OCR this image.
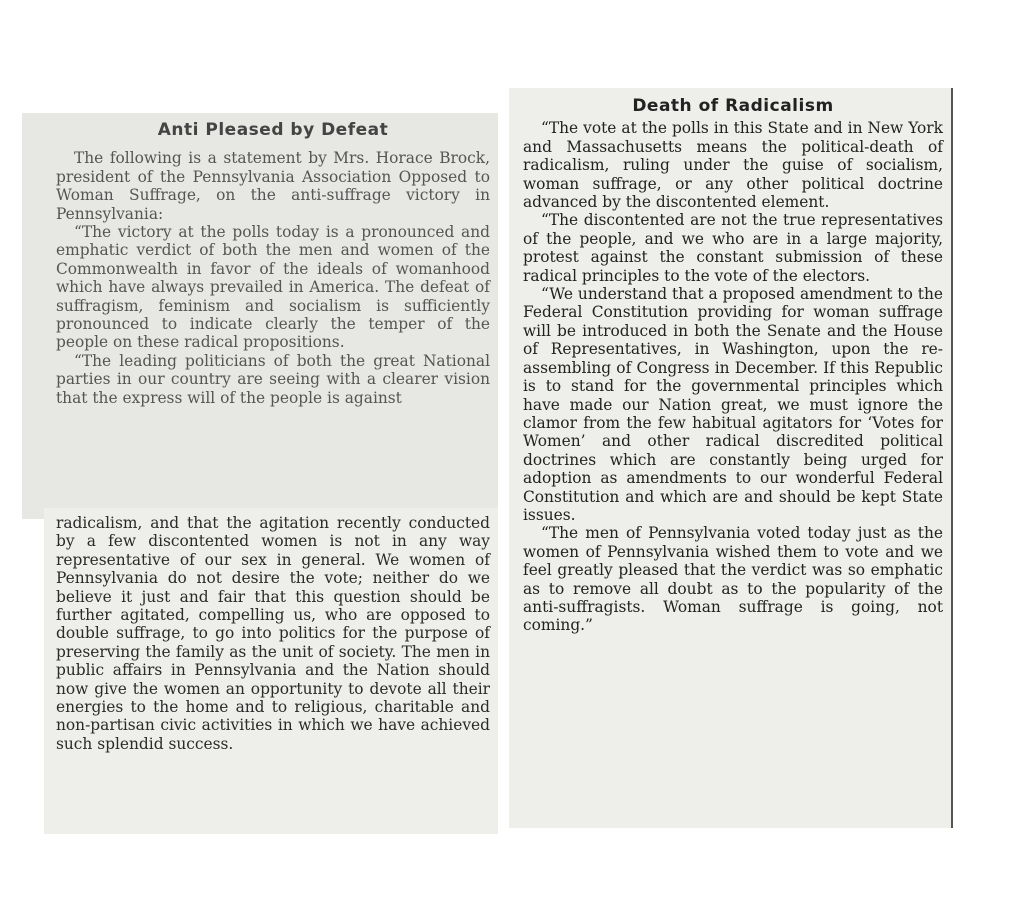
Anti Pleased by Defeat

The following is a statement by Mrs. Horace Brock, president of the Pennsylvania Association Opposed to Woman Suffrage, on the anti-suffrage victory in Pennsylvania:

“The victory at the polls today is a pronounced and emphatic verdict of both the men and women of the Commonwealth in favor of the ideals of womanhood which have always prevailed in America. The defeat of suffragism, feminism and socialism is sufficiently pronounced to indicate clearly the temper of the people on these radical propositions.

“The leading politicians of both the great National parties in our country are seeing with a clearer vision that the express will of the people is against

radicalism, and that the agitation recently conducted by a few discontented women is not in any way representative of our sex in general. We women of Pennsylvania do not desire the vote; neither do we believe it just and fair that this question should be further agitated, compelling us, who are opposed to double suffrage, to go into politics for the purpose of preserving the family as the unit of society. The men in public affairs in Pennsylvania and the Nation should now give the women an opportunity to devote all their energies to the home and to religious, charitable and non-partisan civic activities in which we have achieved such splendid success.

Death of Radicalism

“The vote at the polls in this State and in New York and Massachusetts means the political-death of radicalism, ruling under the guise of socialism, woman suffrage, or any other political doctrine advanced by the discontented element.

“The discontented are not the true representatives of the people, and we who are in a large majority, protest against the constant submission of these radical principles to the vote of the electors.

“We understand that a proposed amendment to the Federal Constitution providing for woman suffrage will be introduced in both the Senate and the House of Representatives, in Washington, upon the re-assembling of Congress in December. If this Republic is to stand for the governmental principles which have made our Nation great, we must ignore the clamor from the few habitual agitators for ‘Votes for Women’ and other radical discredited political doctrines which are constantly being urged for adoption as amendments to our wonderful Federal Constitution and which are and should be kept State issues.

“The men of Pennsylvania voted today just as the women of Pennsylvania wished them to vote and we feel greatly pleased that the verdict was so emphatic as to remove all doubt as to the popularity of the anti-suffragists. Woman suffrage is going, not coming.”
